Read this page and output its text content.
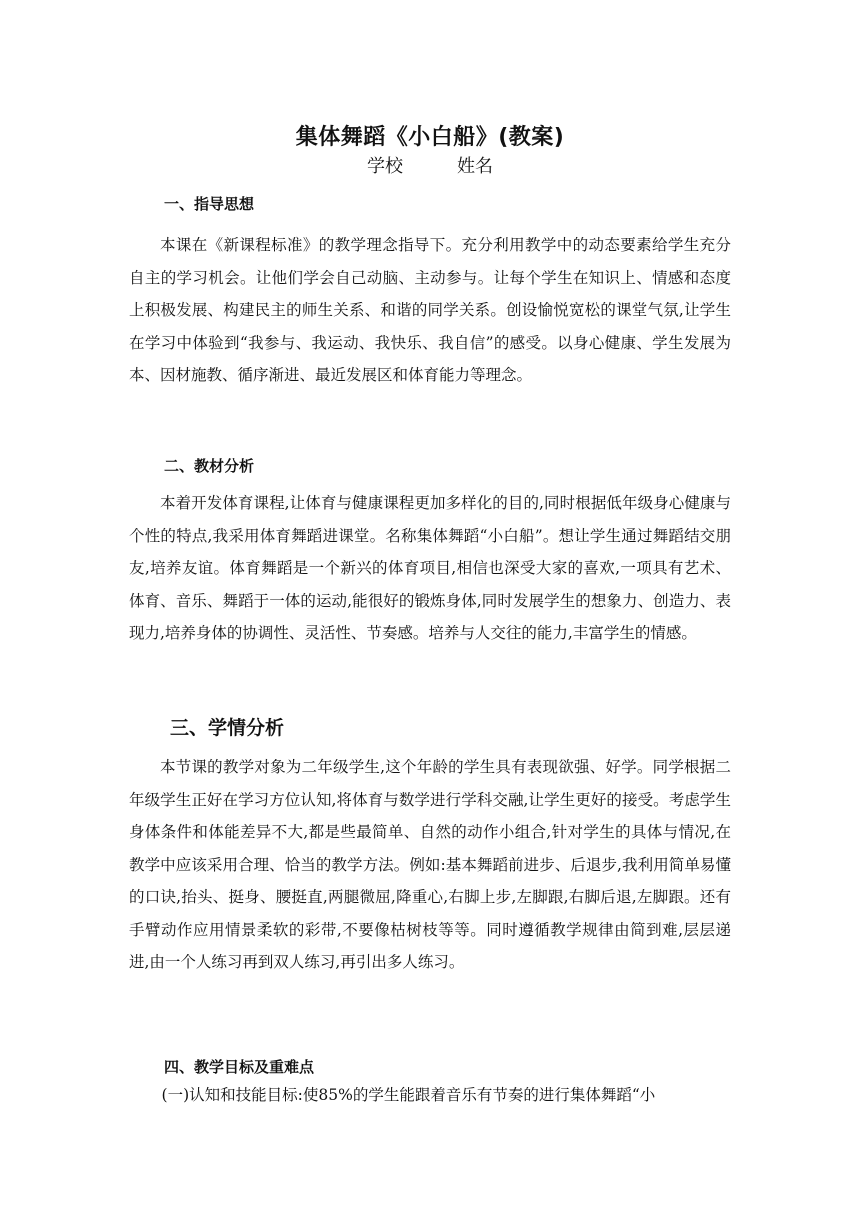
集体舞蹈《小白船》(教案)
学校	姓名
一、指导思想

本课在《新课程标准》的教学理念指导下。充分利用教学中的动态要素给学生充分自主的学习机会。让他们学会自己动脑、主动参与。让每个学生在知识上、情感和态度上积极发展、构建民主的师生关系、和谐的同学关系。创设愉悦宽松的课堂气氛,让学生在学习中体验到“我参与、我运动、我快乐、我自信”的感受。以身心健康、学生发展为本、因材施教、循序渐进、最近发展区和体育能力等理念。

二、教材分析

本着开发体育课程,让体育与健康课程更加多样化的目的,同时根据低年级身心健康与个性的特点,我采用体育舞蹈进课堂。名称集体舞蹈“小白船”。想让学生通过舞蹈结交朋友,培养友谊。体育舞蹈是一个新兴的体育项目,相信也深受大家的喜欢,一项具有艺术、体育、音乐、舞蹈于一体的运动,能很好的锻炼身体,同时发展学生的想象力、创造力、表现力,培养身体的协调性、灵活性、节奏感。培养与人交往的能力,丰富学生的情感。

三、学情分析

本节课的教学对象为二年级学生,这个年龄的学生具有表现欲强、好学。同学根据二年级学生正好在学习方位认知,将体育与数学进行学科交融,让学生更好的接受。考虑学生身体条件和体能差异不大,都是些最简单、自然的动作小组合,针对学生的具体与情况,在教学中应该采用合理、恰当的教学方法。例如:基本舞蹈前进步、后退步,我利用简单易懂的口诀,抬头、挺身、腰挺直,两腿微屈,降重心,右脚上步,左脚跟,右脚后退,左脚跟。还有手臂动作应用情景柔软的彩带,不要像枯树枝等等。同时遵循教学规律由简到难,层层递进,由一个人练习再到双人练习,再引出多人练习。

四、教学目标及重难点

(一)认知和技能目标:使85%的学生能跟着音乐有节奏的进行集体舞蹈“小
